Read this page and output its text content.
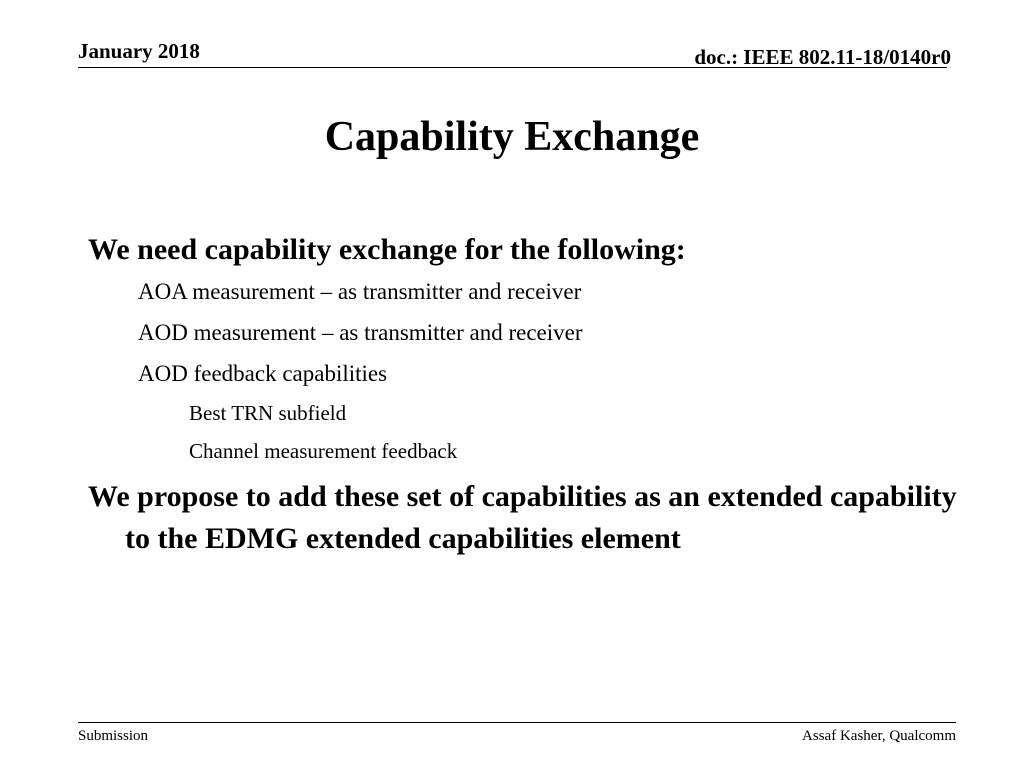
January 2018	doc.: IEEE 802.11-18/0140r0
Capability Exchange
We need capability exchange for the following:
AOA measurement – as transmitter and receiver
AOD measurement – as transmitter and receiver
AOD feedback capabilities
Best TRN subfield
Channel measurement feedback
We propose to add these set of capabilities as an extended capability to the EDMG extended capabilities element
Submission	Assaf Kasher, Qualcomm
